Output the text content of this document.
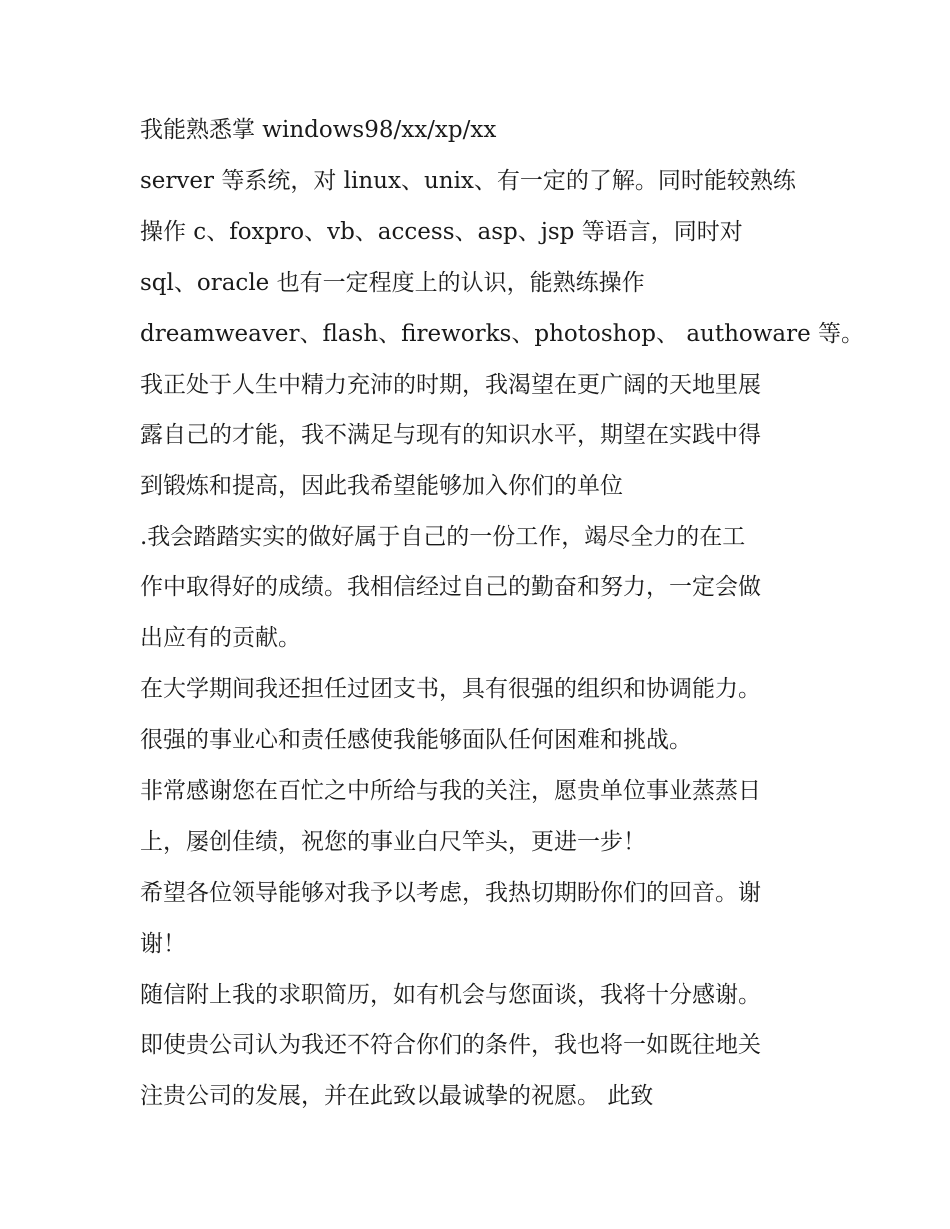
我能熟悉掌 windows98/xx/xp/xx
server 等系统，对 linux、unix、有一定的了解。同时能较熟练
操作 c、foxpro、vb、access、asp、jsp 等语言，同时对
sql、oracle 也有一定程度上的认识，能熟练操作
dreamweaver、flash、fireworks、photoshop、 authoware 等。
我正处于人生中精力充沛的时期，我渴望在更广阔的天地里展
露自己的才能，我不满足与现有的知识水平，期望在实践中得
到锻炼和提高，因此我希望能够加入你们的单位
.我会踏踏实实的做好属于自己的一份工作，竭尽全力的在工
作中取得好的成绩。我相信经过自己的勤奋和努力，一定会做
出应有的贡献。
在大学期间我还担任过团支书，具有很强的组织和协调能力。
很强的事业心和责任感使我能够面队任何困难和挑战。
非常感谢您在百忙之中所给与我的关注，愿贵单位事业蒸蒸日
上，屡创佳绩，祝您的事业白尺竿头，更进一步！
希望各位领导能够对我予以考虑，我热切期盼你们的回音。谢
谢！
随信附上我的求职简历，如有机会与您面谈，我将十分感谢。
即使贵公司认为我还不符合你们的条件，我也将一如既往地关
注贵公司的发展，并在此致以最诚挚的祝愿。 此致
